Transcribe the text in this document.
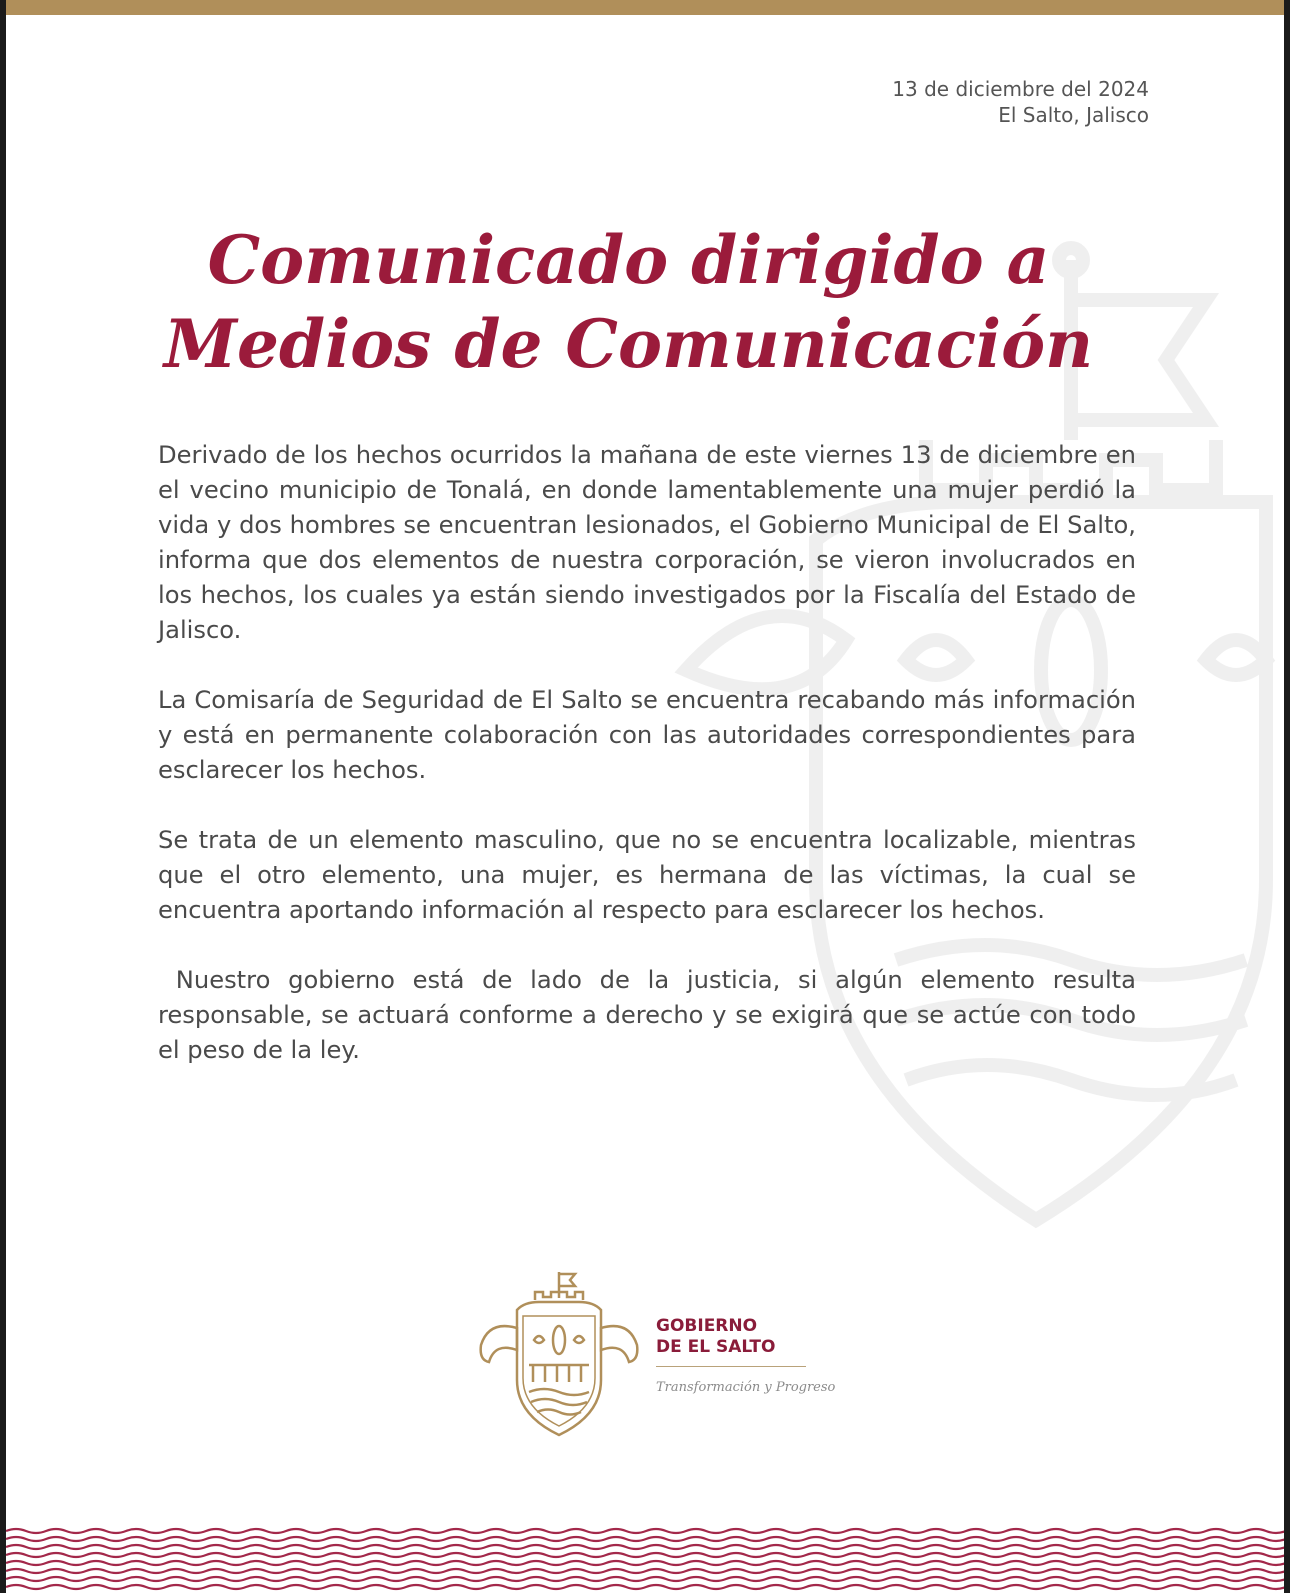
13 de diciembre del 2024
El Salto, Jalisco
Comunicado dirigido a
Medios de Comunicación

Derivado de los hechos ocurridos la mañana de este viernes 13 de diciembre en el vecino municipio de Tonalá, en donde lamentablemente una mujer perdió la vida y dos hombres se encuentran lesionados, el Gobierno Municipal de El Salto, informa que dos elementos de nuestra corporación, se vieron involucrados en los hechos, los cuales ya están siendo investigados por la Fiscalía del Estado de Jalisco.

La Comisaría de Seguridad de El Salto se encuentra recabando más información y está en permanente colaboración con las autoridades correspondientes para esclarecer los hechos.

Se trata de un elemento masculino, que no se encuentra localizable, mientras que el otro elemento, una mujer, es hermana de las víctimas, la cual se encuentra aportando información al respecto para esclarecer los hechos.

Nuestro gobierno está de lado de la justicia, si algún elemento resulta responsable, se actuará conforme a derecho y se exigirá que se actúe con todo el peso de la ley.

GOBIERNO
DE EL SALTO
Transformación y Progreso
